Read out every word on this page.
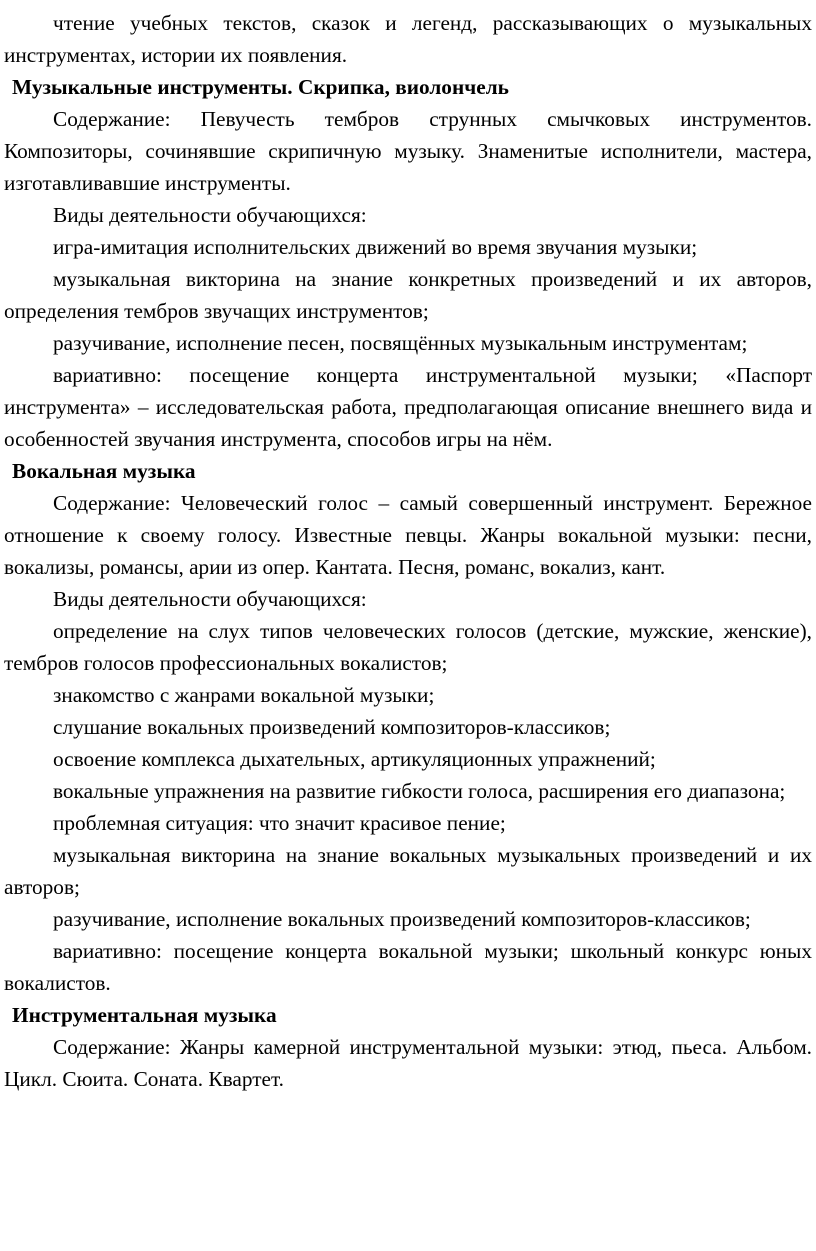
чтение учебных текстов, сказок и легенд, рассказывающих о музыкальных инструментах, истории их появления.

Музыкальные инструменты. Скрипка, виолончель

Содержание: Певучесть тембров струнных смычковых инструментов. Композиторы, сочинявшие скрипичную музыку. Знаменитые исполнители, мастера, изготавливавшие инструменты.

Виды деятельности обучающихся:

игра-имитация исполнительских движений во время звучания музыки;

музыкальная викторина на знание конкретных произведений и их авторов, определения тембров звучащих инструментов;

разучивание, исполнение песен, посвящённых музыкальным инструментам;

вариативно: посещение концерта инструментальной музыки; «Паспорт инструмента» – исследовательская работа, предполагающая описание внешнего вида и особенностей звучания инструмента, способов игры на нём.

Вокальная музыка

Содержание: Человеческий голос – самый совершенный инструмент. Бережное отношение к своему голосу. Известные певцы. Жанры вокальной музыки: песни, вокализы, романсы, арии из опер. Кантата. Песня, романс, вокализ, кант.

Виды деятельности обучающихся:

определение на слух типов человеческих голосов (детские, мужские, женские), тембров голосов профессиональных вокалистов;

знакомство с жанрами вокальной музыки;

слушание вокальных произведений композиторов-классиков;

освоение комплекса дыхательных, артикуляционных упражнений;

вокальные упражнения на развитие гибкости голоса, расширения его диапазона;

проблемная ситуация: что значит красивое пение;

музыкальная викторина на знание вокальных музыкальных произведений и их авторов;

разучивание, исполнение вокальных произведений композиторов-классиков;

вариативно: посещение концерта вокальной музыки; школьный конкурс юных вокалистов.

Инструментальная музыка

Содержание: Жанры камерной инструментальной музыки: этюд, пьеса. Альбом. Цикл. Сюита. Соната. Квартет.
